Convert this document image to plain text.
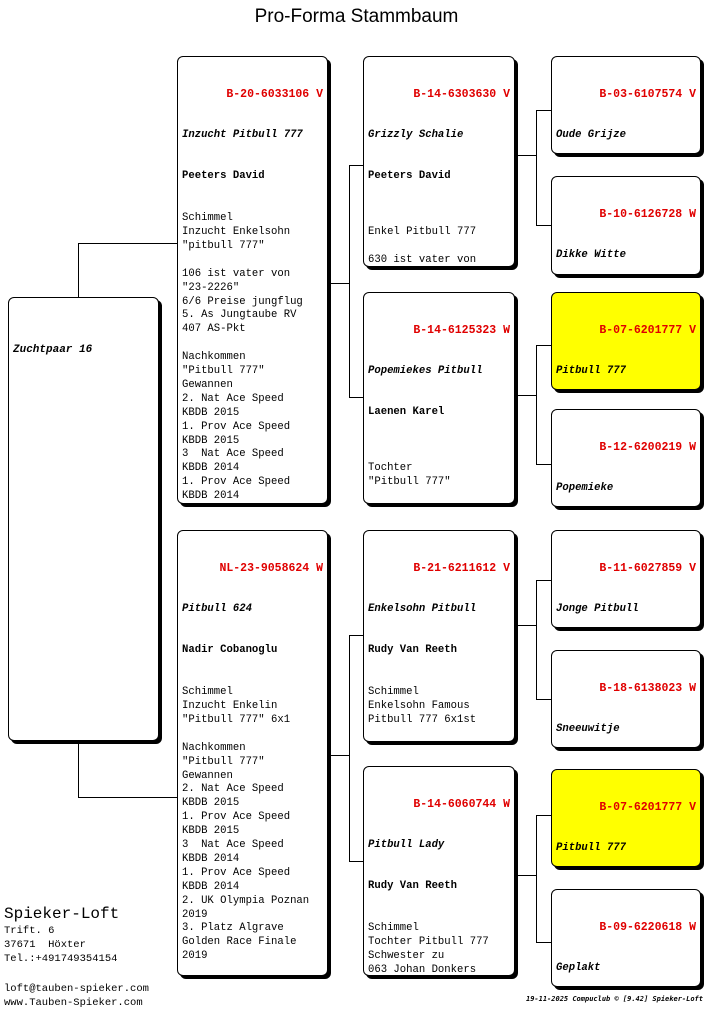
Pro-Forma Stammbaum

Zuchtpaar 16

B-20-6033106 V

Inzucht Pitbull 777

Peeters David

Schimmel
Inzucht Enkelsohn
"pitbull 777"

106 ist vater von
"23-2226"
6/6 Preise jungflug
5. As Jungtaube RV
407 AS-Pkt

Nachkommen
"Pitbull 777"
Gewannen
2. Nat Ace Speed
KBDB 2015
1. Prov Ace Speed
KBDB 2015
3  Nat Ace Speed
KBDB 2014
1. Prov Ace Speed
KBDB 2014

NL-23-9058624 W

Pitbull 624

Nadir Cobanoglu

Schimmel
Inzucht Enkelin
"Pitbull 777" 6x1

Nachkommen
"Pitbull 777"
Gewannen
2. Nat Ace Speed
KBDB 2015
1. Prov Ace Speed
KBDB 2015
3  Nat Ace Speed
KBDB 2014
1. Prov Ace Speed
KBDB 2014
2. UK Olympia Poznan
2019
3. Platz Algrave
Golden Race Finale
2019

B-14-6303630 V

Grizzly Schalie

Peeters David

Enkel Pitbull 777

630 ist vater von

B-14-6125323 W

Popemiekes Pitbull

Laenen Karel

Tochter
"Pitbull 777"

B-21-6211612 V

Enkelsohn Pitbull

Rudy Van Reeth

Schimmel
Enkelsohn Famous
Pitbull 777 6x1st

B-14-6060744 W

Pitbull Lady

Rudy Van Reeth

Schimmel
Tochter Pitbull 777
Schwester zu
063 Johan Donkers

B-03-6107574 V

Oude Grijze

B-10-6126728 W

Dikke Witte

B-07-6201777 V

Pitbull 777

B-12-6200219 W

Popemieke

B-11-6027859 V

Jonge Pitbull

B-18-6138023 W

Sneeuwitje

B-07-6201777 V

Pitbull 777

B-09-6220618 W

Geplakt

Spieker-Loft
Trift. 6
37671  Höxter
Tel.:+491749354154
loft@tauben-spieker.com
www.Tauben-Spieker.com	19-11-2025 Compuclub © [9.42] Spieker-Loft
